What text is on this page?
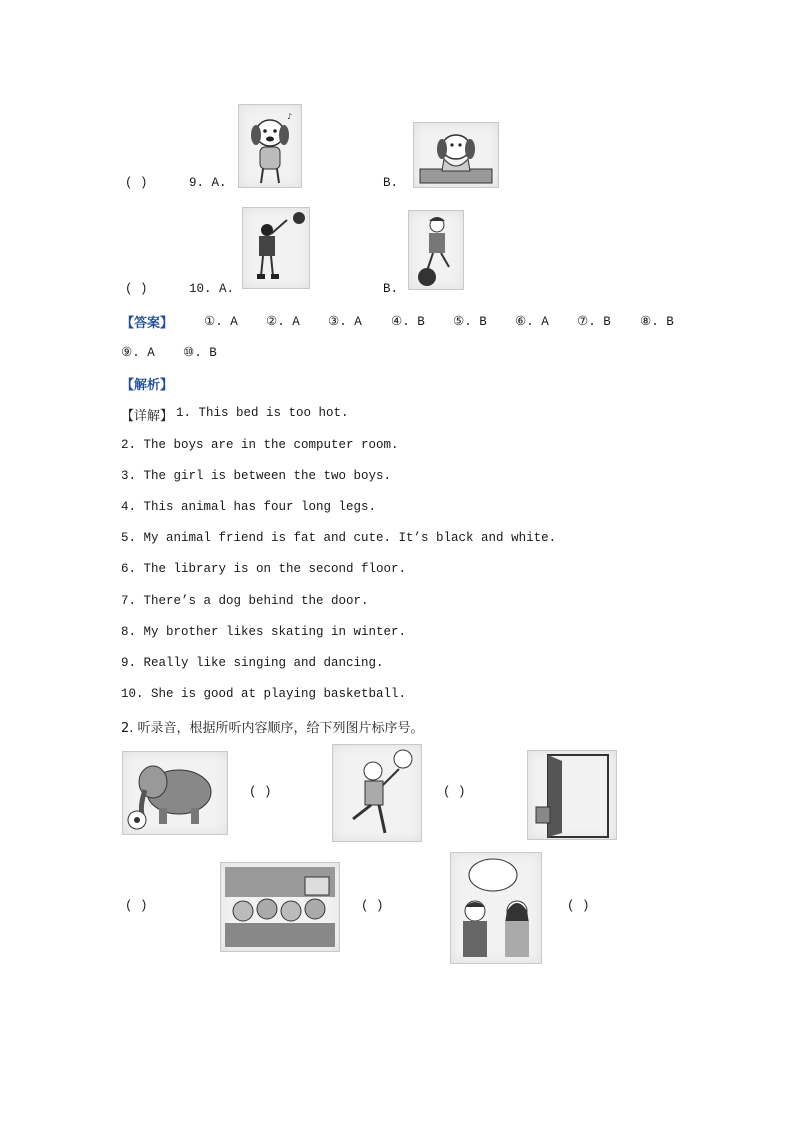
♪
( )	9. A.	B.
( )	10. A.	B.
【答案】 ①. A ②. A ③. A ④. B ⑤. B ⑥. A ⑦. B ⑧. B
⑨. A ⑩. B
【解析】
【详解】 1. This bed is too hot.
2. The boys are in the computer room.
3. The girl is between the two boys.
4. This animal has four long legs.
5. My animal friend is fat and cute. It’s black and white.
6. The library is on the second floor.
7. There’s a dog behind the door.
8. My brother likes skating in winter.
9. Really like singing and dancing.
10. She is good at playing basketball.
2. 听录音，根据所听内容顺序，给下列图片标序号。
( )	( )
( )	( )	( )
